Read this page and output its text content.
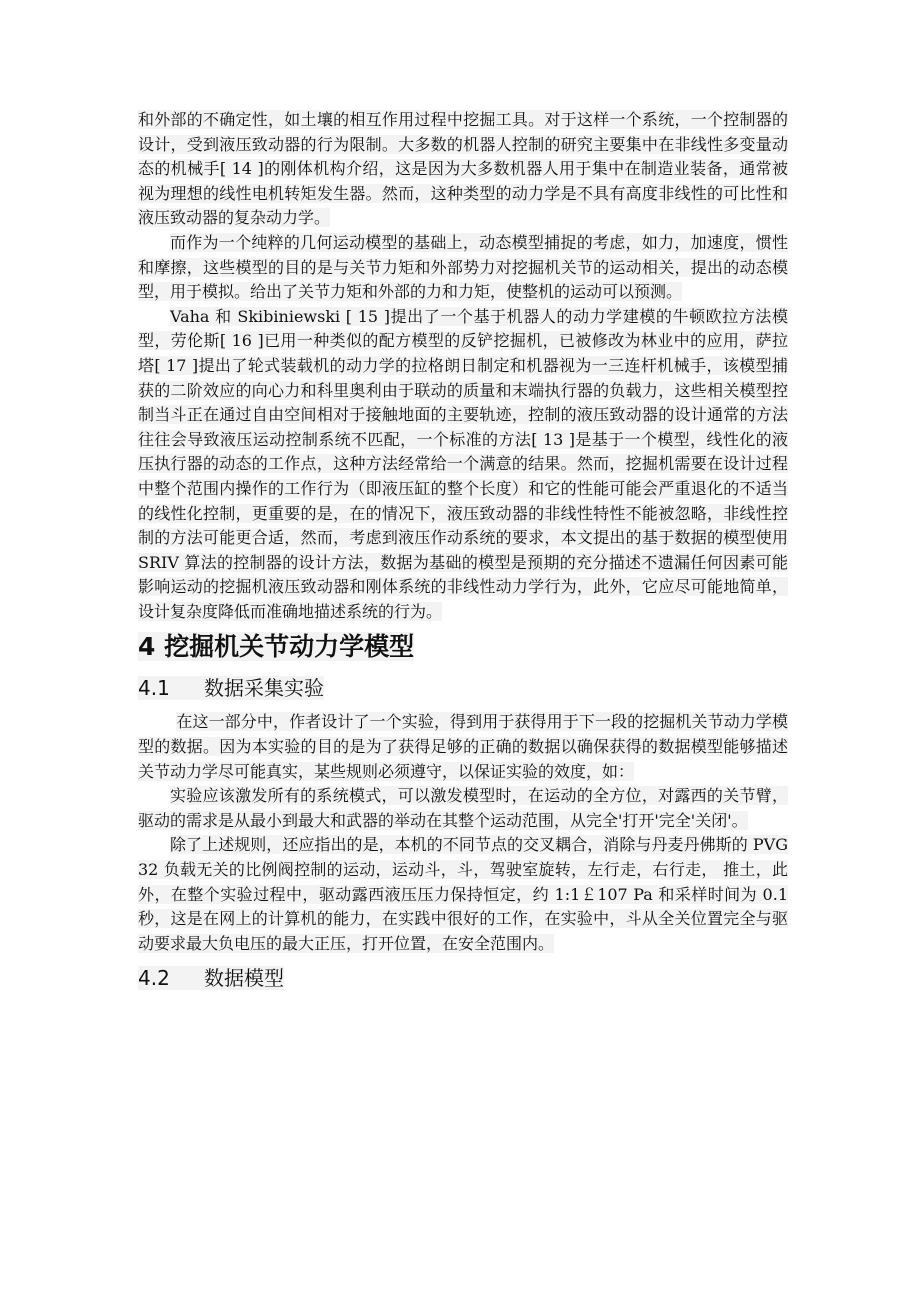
和外部的不确定性，如土壤的相互作用过程中挖掘工具。对于这样一个系统，一个控制器的设计，受到液压致动器的行为限制。大多数的机器人控制的研究主要集中在非线性多变量动态的机械手[ 14 ]的刚体机构介绍，这是因为大多数机器人用于集中在制造业装备，通常被视为理想的线性电机转矩发生器。然而，这种类型的动力学是不具有高度非线性的可比性和液压致动器的复杂动力学。

而作为一个纯粹的几何运动模型的基础上，动态模型捕捉的考虑，如力，加速度，惯性和摩擦，这些模型的目的是与关节力矩和外部势力对挖掘机关节的运动相关，提出的动态模型，用于模拟。给出了关节力矩和外部的力和力矩，使整机的运动可以预测。

Vaha 和 Skibiniewski [ 15 ]提出了一个基于机器人的动力学建模的牛顿欧拉方法模型，劳伦斯[ 16 ]已用一种类似的配方模型的反铲挖掘机，已被修改为林业中的应用，萨拉塔[ 17 ]提出了轮式装载机的动力学的拉格朗日制定和机器视为一三连杆机械手，该模型捕获的二阶效应的向心力和科里奥利由于联动的质量和末端执行器的负载力，这些相关模型控制当斗正在通过自由空间相对于接触地面的主要轨迹，控制的液压致动器的设计通常的方法往往会导致液压运动控制系统不匹配，一个标准的方法[ 13 ]是基于一个模型，线性化的液压执行器的动态的工作点，这种方法经常给一个满意的结果。然而，挖掘机需要在设计过程中整个范围内操作的工作行为（即液压缸的整个长度）和它的性能可能会严重退化的不适当的线性化控制，更重要的是，在的情况下，液压致动器的非线性特性不能被忽略，非线性控制的方法可能更合适，然而，考虑到液压作动系统的要求，本文提出的基于数据的模型使用 SRIV 算法的控制器的设计方法，数据为基础的模型是预期的充分描述不遗漏任何因素可能影响运动的挖掘机液压致动器和刚体系统的非线性动力学行为，此外，它应尽可能地简单，设计复杂度降低而准确地描述系统的行为。

4 挖掘机关节动力学模型
4.1 数据采集实验

在这一部分中，作者设计了一个实验，得到用于获得用于下一段的挖掘机关节动力学模型的数据。因为本实验的目的是为了获得足够的正确的数据以确保获得的数据模型能够描述关节动力学尽可能真实，某些规则必须遵守，以保证实验的效度，如：

实验应该激发所有的系统模式，可以激发模型时，在运动的全方位，对露西的关节臂，驱动的需求是从最小到最大和武器的举动在其整个运动范围，从完全'打开'完全'关闭'。

除了上述规则，还应指出的是，本机的不同节点的交叉耦合，消除与丹麦丹佛斯的 PVG 32 负载无关的比例阀控制的运动，运动斗，斗，驾驶室旋转，左行走，右行走， 推土，此外，在整个实验过程中，驱动露西液压压力保持恒定，约 1:1￡107 Pa 和采样时间为 0.1 秒，这是在网上的计算机的能力，在实践中很好的工作，在实验中，斗从全关位置完全与驱动要求最大负电压的最大正压，打开位置，在安全范围内。

4.2 数据模型
